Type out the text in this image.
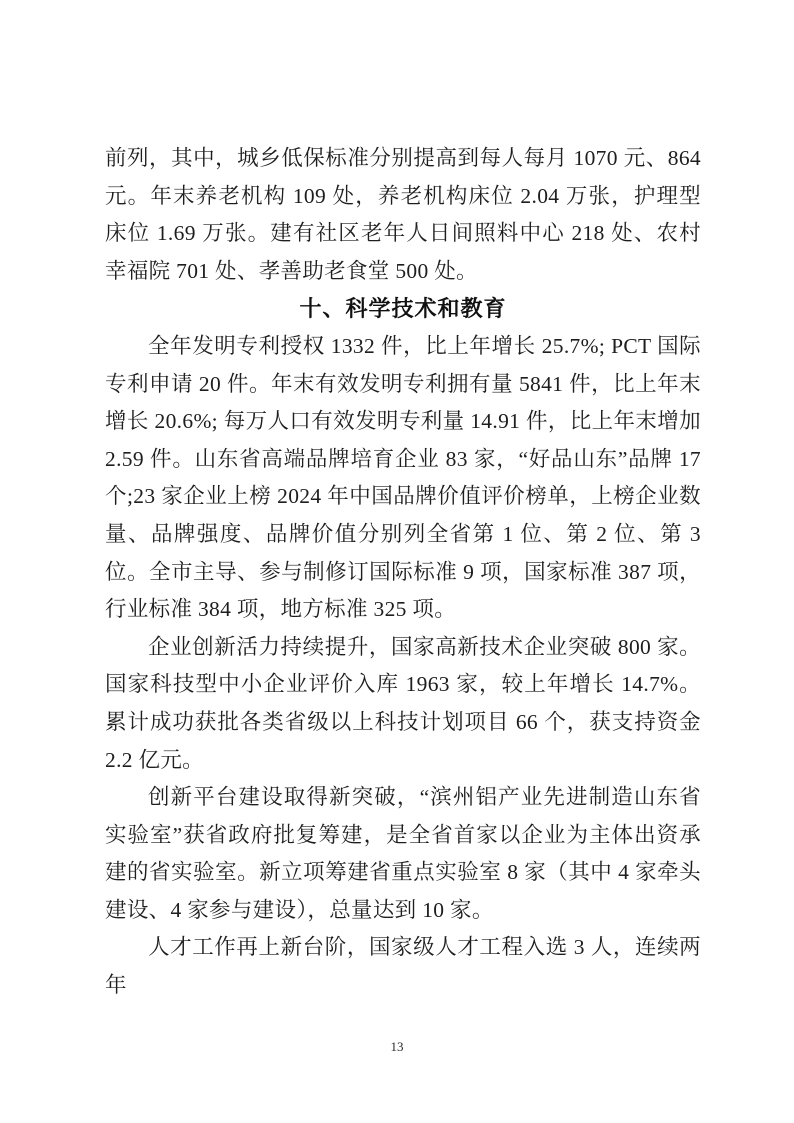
前列，其中，城乡低保标准分别提高到每人每月 1070 元、864 元。年末养老机构 109 处，养老机构床位 2.04 万张，护理型床位 1.69 万张。建有社区老年人日间照料中心 218 处、农村幸福院 701 处、孝善助老食堂 500 处。

十、科学技术和教育

全年发明专利授权 1332 件，比上年增长 25.7%; PCT 国际专利申请 20 件。年末有效发明专利拥有量 5841 件，比上年末增长 20.6%; 每万人口有效发明专利量 14.91 件，比上年末增加 2.59 件。山东省高端品牌培育企业 83 家，“好品山东”品牌 17 个;23 家企业上榜 2024 年中国品牌价值评价榜单，上榜企业数量、品牌强度、品牌价值分别列全省第 1 位、第 2 位、第 3 位。全市主导、参与制修订国际标准 9 项，国家标准 387 项，行业标准 384 项，地方标准 325 项。

企业创新活力持续提升，国家高新技术企业突破 800 家。国家科技型中小企业评价入库 1963 家，较上年增长 14.7%。累计成功获批各类省级以上科技计划项目 66 个，获支持资金 2.2 亿元。

创新平台建设取得新突破，“滨州铝产业先进制造山东省实验室”获省政府批复筹建，是全省首家以企业为主体出资承建的省实验室。新立项筹建省重点实验室 8 家（其中 4 家牵头建设、4 家参与建设），总量达到 10 家。

人才工作再上新台阶，国家级人才工程入选 3 人，连续两年

13
